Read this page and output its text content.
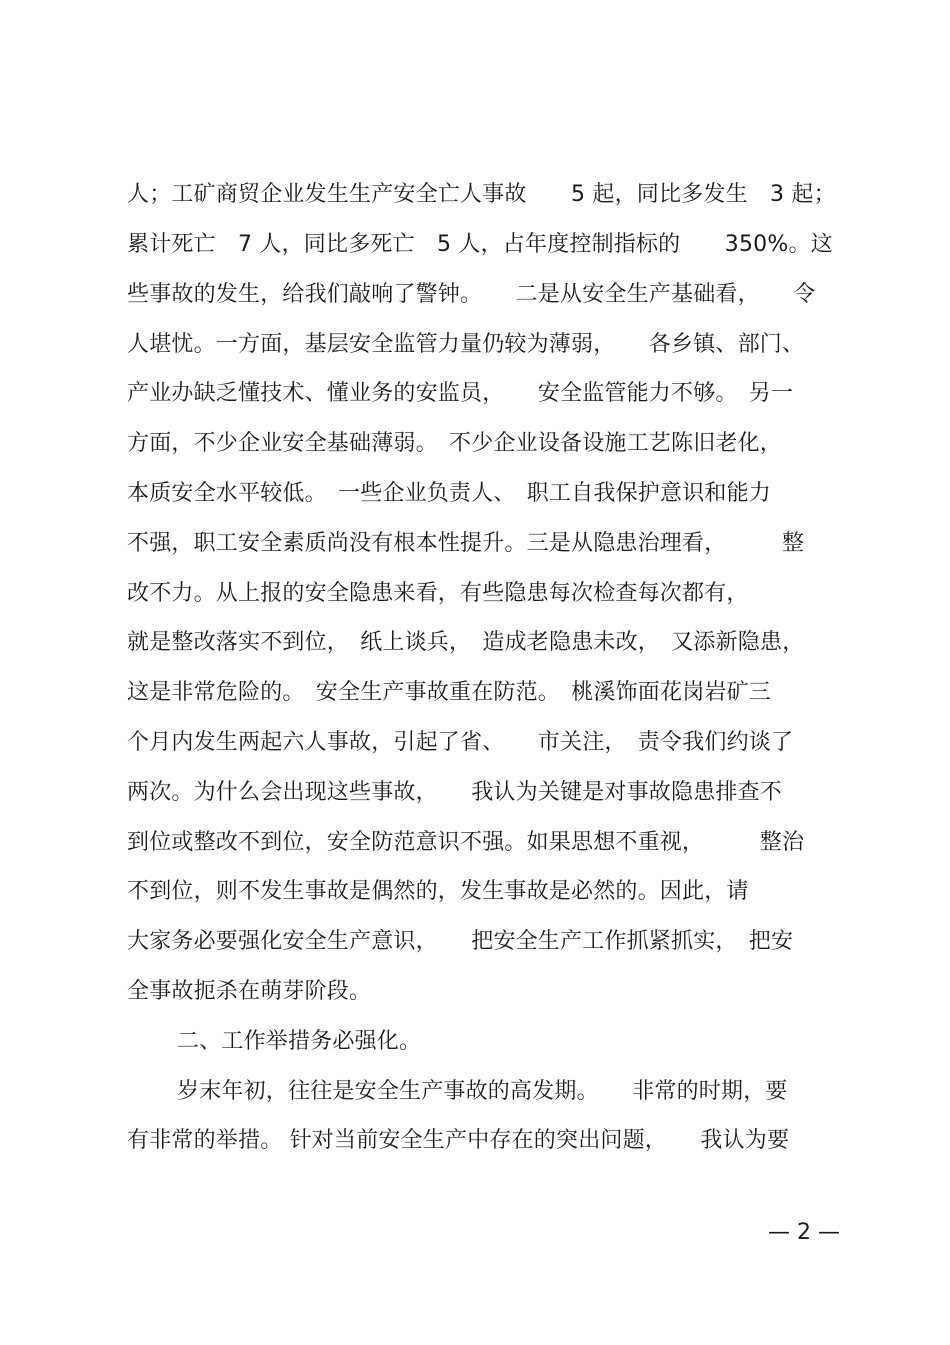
人；工矿商贸企业发生生产安全亡人事故　　5 起，同比多发生　3 起；
累计死亡　7 人，同比多死亡　5 人，占年度控制指标的　　350%。这
些事故的发生，给我们敲响了警钟。　　二是从安全生产基础看，　　令
人堪忧。一方面，基层安全监管力量仍较为薄弱，　　各乡镇、部门、
产业办缺乏懂技术、懂业务的安监员，　　安全监管能力不够。　另一
方面，不少企业安全基础薄弱。　不少企业设备设施工艺陈旧老化，
本质安全水平较低。　一些企业负责人、　职工自我保护意识和能力
不强，职工安全素质尚没有根本性提升。三是从隐患治理看，　　　整
改不力。从上报的安全隐患来看，有些隐患每次检查每次都有，
就是整改落实不到位，　纸上谈兵，　造成老隐患未改，　又添新隐患，
这是非常危险的。　安全生产事故重在防范。　桃溪饰面花岗岩矿三
个月内发生两起六人事故，引起了省、　　市关注，　责令我们约谈了
两次。为什么会出现这些事故，　　我认为关键是对事故隐患排查不
到位或整改不到位，安全防范意识不强。如果思想不重视，　　　整治
不到位，则不发生事故是偶然的，发生事故是必然的。因此，请
大家务必要强化安全生产意识，　　把安全生产工作抓紧抓实，　把安
全事故扼杀在萌芽阶段。
二、工作举措务必强化。
岁末年初，往往是安全生产事故的高发期。　　非常的时期，要
有非常的举措。 针对当前安全生产中存在的突出问题，　　我认为要
— 2 —
